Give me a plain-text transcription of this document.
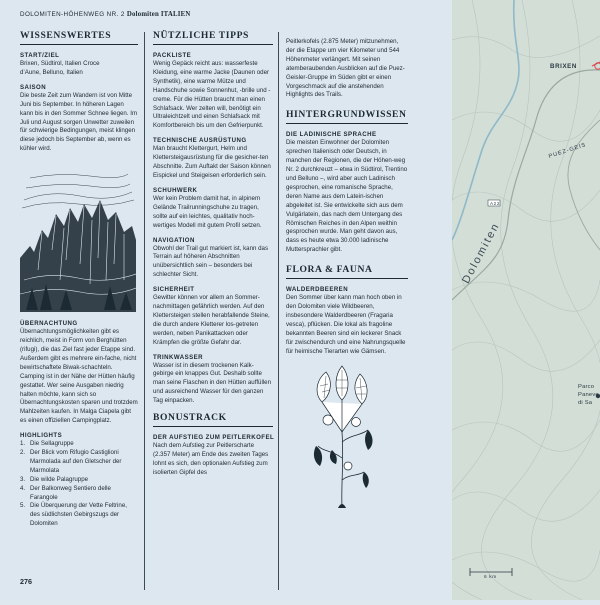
DOLOMITEN-HÖHENWEG NR. 2 Dolomiten ITALIEN
WISSENSWERTES
START/ZIEL

Brixen, Südtirol, Italien Croce d’Aune, Belluno, Italien

SAISON

Die beste Zeit zum Wandern ist von Mitte Juni bis September. In höheren Lagen kann bis in den Sommer Schnee liegen. Im Juli und August sorgen Unwetter zuweilen für schwierige Bedingungen, meist klingen diese jedoch bis September ab, wenn es kühler wird.

ÜBERNACHTUNG

Übernachtungsmöglichkeiten gibt es reichlich, meist in Form von Berghütten (rifugi), die das Ziel fast jeder Etappe sind. Außerdem gibt es mehrere ein-fache, nicht bewirtschaftete Biwak-schachteln. Camping ist in der Nähe der Hütten häufig gestattet. Wer seine Ausgaben niedrig halten möchte, kann sich so Übernachtungskosten sparen und trotzdem Mahlzeiten kaufen. In Malga Ciapela gibt es einen offiziellen Campingplatz.

HIGHLIGHTS
1. Die Sellagruppe
2. Der Blick vom Rifugio Castiglioni Marmolada auf den Gletscher der Marmolata
3. Die wilde Palagruppe
4. Der Balkonweg Sentiero delle Farangole
5. Die Überquerung der Vette Feltrine, des südlichsten Gebirgszugs der Dolomiten
NÜTZLICHE TIPPS
PACKLISTE

Wenig Gepäck reicht aus: wasserfeste Kleidung, eine warme Jacke (Daunen oder Synthetik), eine warme Mütze und Handschuhe sowie Sonnenhut, -brille und -creme. Für die Hütten braucht man einen Schlafsack. Wer zelten will, benötigt ein Ultraleichtzelt und einen Schlafsack mit Komfortbereich bis um den Gefrierpunkt.

TECHNISCHE AUSRÜSTUNG

Man braucht Klettergurt, Helm und Klettersteigausrüstung für die gesicher-ten Abschnitte. Zum Auftakt der Saison können Eispickel und Steigeisen erforderlich sein.

SCHUHWERK

Wer kein Problem damit hat, in alpinem Gelände Trailrunningschuhe zu tragen, sollte auf ein leichtes, qualitativ hoch-wertiges Modell mit gutem Profil setzen.

NAVIGATION

Obwohl der Trail gut markiert ist, kann das Terrain auf höheren Abschnitten unübersichtlich sein – besonders bei schlechter Sicht.

SICHERHEIT

Gewitter können vor allem an Sommer-nachmittagen gefährlich werden. Auf den Klettersteigen stellen herabfallende Steine, die durch andere Kletterer los-getreten werden, neben Panikattacken oder Krämpfen die größte Gefahr dar.

TRINKWASSER

Wasser ist in diesem trockenen Kalk-gebirge ein knappes Gut. Deshalb sollte man seine Flaschen in den Hütten auffüllen und ausreichend Wasser für den ganzen Tag einpacken.

BONUSTRACK
DER AUFSTIEG ZUM PEITLERKOFEL

Nach dem Aufstieg zur Peitlerscharte (2.357 Meter) am Ende des zweiten Tages lohnt es sich, den optionalen Aufstieg zum isolierten Gipfel des

Peitlerkofels (2.875 Meter) mitzunehmen, der die Etappe um vier Kilometer und 544 Höhenmeter verlängert. Mit seinen atemberaubenden Ausblicken auf die Puez-Geisler-Gruppe im Süden gibt er einen Vorgeschmack auf die anstehenden Highlights des Trails.

HINTERGRUNDWISSEN
DIE LADINISCHE SPRACHE

Die meisten Einwohner der Dolomiten sprechen Italienisch oder Deutsch, in manchen der Regionen, die der Höhen-weg Nr. 2 durchkreuzt – etwa in Südtirol, Trentino und Belluno –, wird aber auch Ladinisch gesprochen, eine romanische Sprache, deren Name aus dem Latein-ischen abgeleitet ist. Sie entwickelte sich aus dem Vulgärlatein, das nach dem Untergang des Römischen Reiches in den Alpen weithin gesprochen wurde. Man geht davon aus, dass es heute etwa 30.000 ladinische Muttersprachler gibt.

FLORA & FAUNA
WALDERDBEEREN

Den Sommer über kann man hoch oben in den Dolomiten viele Wildbeeren, insbesondere Walderdbeeren (Fragaria vesca), pflücken. Die lokal als fragoline bekannten Beeren sind ein leckerer Snack für zwischendurch und eine Nahrungsquelle für heimische Tierarten wie Gämsen.

276
BRIXEN
PUEZ-GEIS
A22
Dolomiten
Parco
Paneve
di Sa
6 km
